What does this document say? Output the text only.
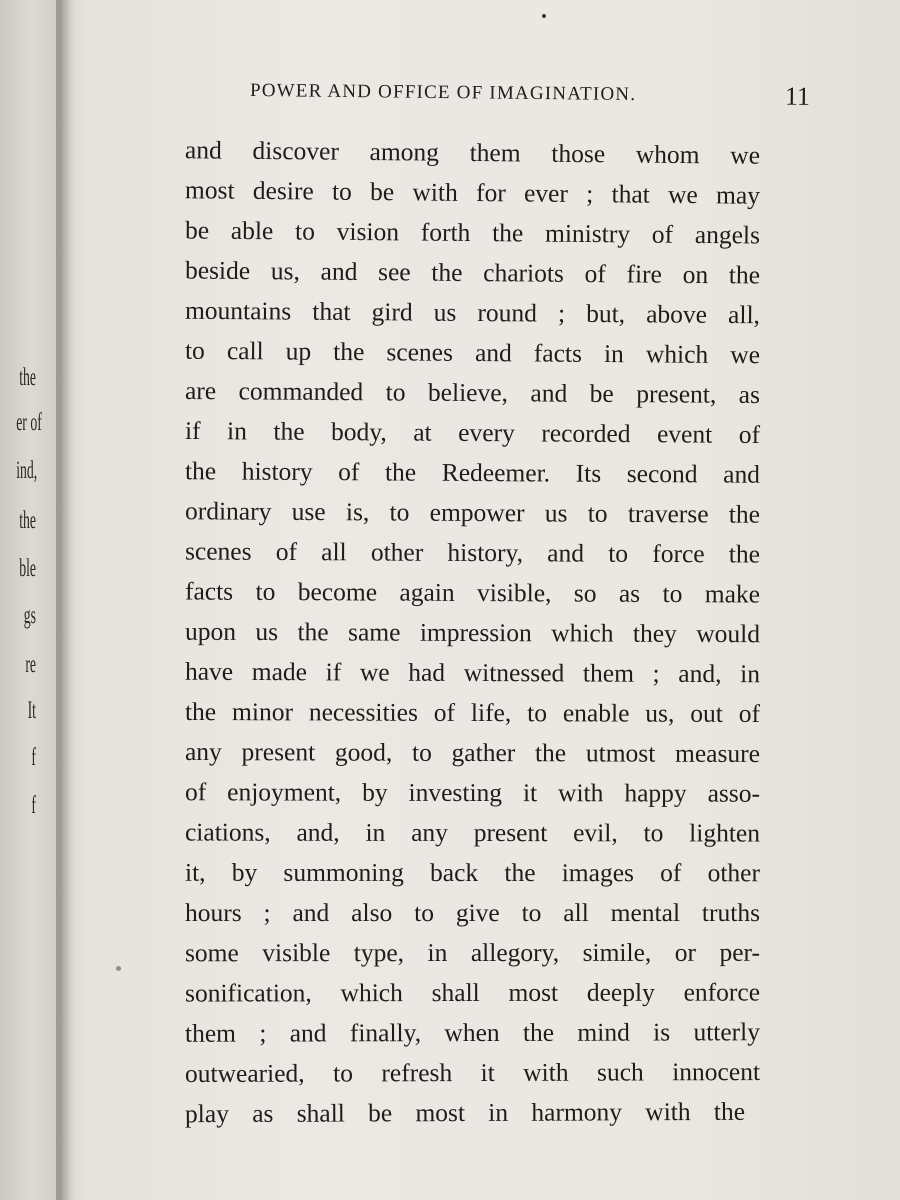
the
er of
ind,
the
ble
gs
re
It
f
f
POWER AND OFFICE OF IMAGINATION.	11
and discover among them those whom we
most desire to be with for ever ; that we may
be able to vision forth the ministry of angels
beside us, and see the chariots of fire on the
mountains that gird us round ; but, above all,
to call up the scenes and facts in which we
are commanded to believe, and be present, as
if in the body, at every recorded event of
the history of the Redeemer. Its second and
ordinary use is, to empower us to traverse the
scenes of all other history, and to force the
facts to become again visible, so as to make
upon us the same impression which they would
have made if we had witnessed them ; and, in
the minor necessities of life, to enable us, out of
any present good, to gather the utmost measure
of enjoyment, by investing it with happy asso-
ciations, and, in any present evil, to lighten
it, by summoning back the images of other
hours ; and also to give to all mental truths
some visible type, in allegory, simile, or per-
sonification, which shall most deeply enforce
them ; and finally, when the mind is utterly
outwearied, to refresh it with such innocent
play as shall be most in harmony with the
